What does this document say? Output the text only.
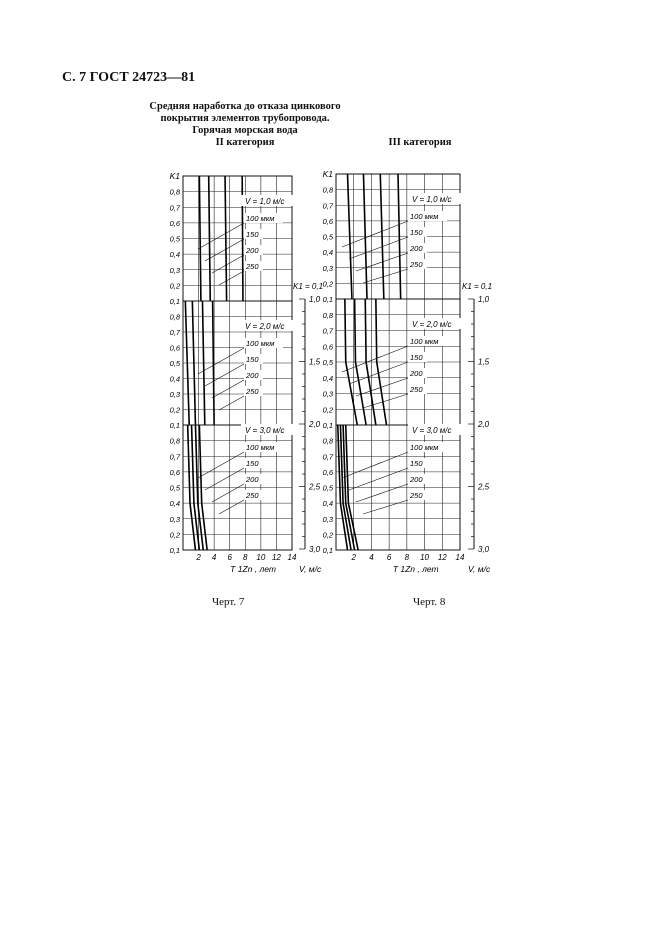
С. 7 ГОСТ 24723—81
Средняя наработка до отказа цинкового
покрытия элементов трубопровода.
Горячая морская вода
II категория	III категория
0,8
0,7
0,6
0,5
0,4
0,3
0,2
K1
V = 1,0 м/с
100 мкм
150
200
250
0,8
0,7
0,6
0,5
0,4
0,3
0,2
0,1
V = 2,0 м/с
100 мкм
150
200
250
0,8
0,7
0,6
0,5
0,4
0,3
0,2
0,1
0,1
V = 3,0 м/с
100 мкм
150
200
250
2 4 6 8 10 12 14
T 1Zn , лет
1,0
1,5
2,0
2,5
3,0
K1 = 0,1
V, м/с
0,8
0,7
0,6
0,5
0,4
0,3
0,2
K1
V = 1,0 м/с
100 мкм
150
200
250
0,8
0,7
0,6
0,5
0,4
0,3
0,2
0,1
V = 2,0 м/с
100 мкм
150
200
250
0,8
0,7
0,6
0,5
0,4
0,3
0,2
0,1
0,1
V = 3,0 м/с
100 мкм
150
200
250
2 4 6 8 10 12 14
T 1Zn , лет
1,0
1,5
2,0
2,5
3,0
K1 = 0,1
V, м/с
Черт. 7	Черт. 8
